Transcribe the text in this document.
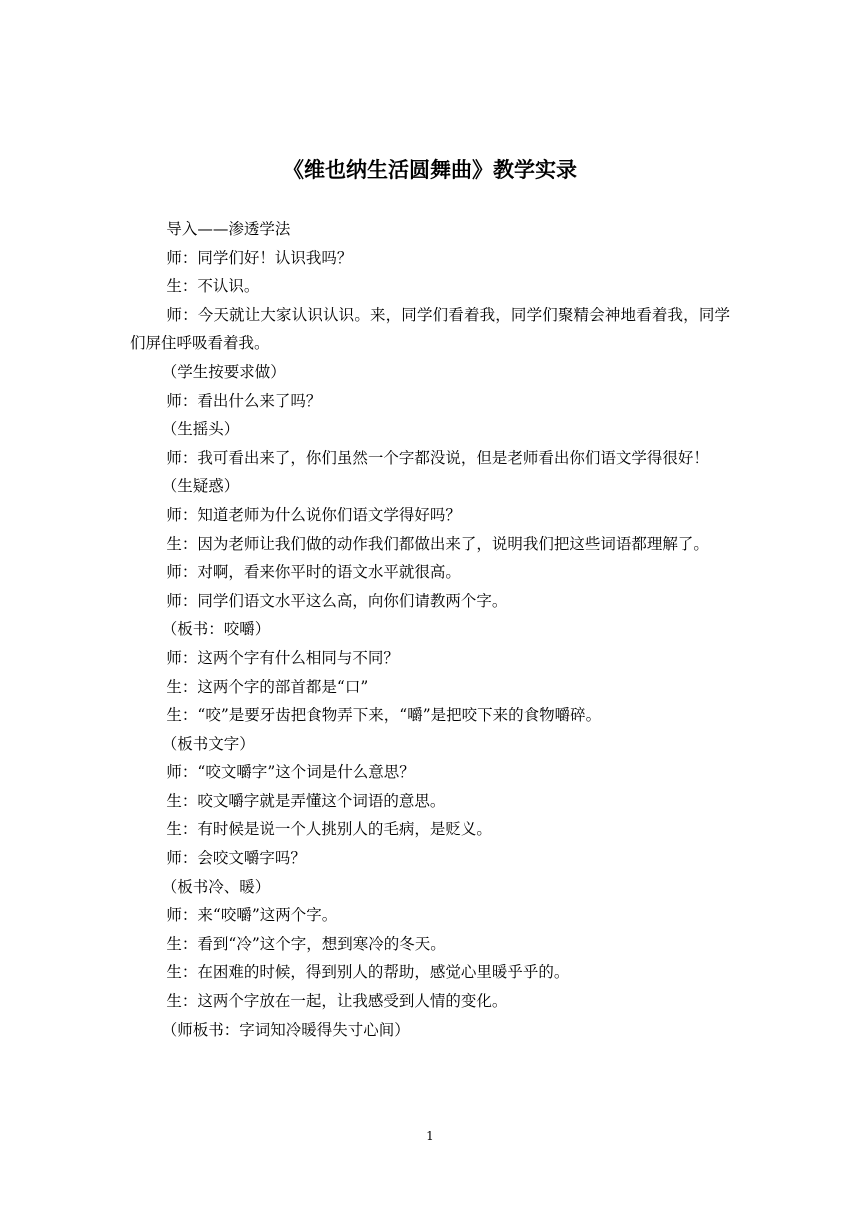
《维也纳生活圆舞曲》教学实录

导入——渗透学法

师：同学们好！认识我吗？

生：不认识。

师：今天就让大家认识认识。来，同学们看着我，同学们聚精会神地看着我，同学们屏住呼吸看着我。

（学生按要求做）

师：看出什么来了吗？

（生摇头）

师：我可看出来了，你们虽然一个字都没说，但是老师看出你们语文学得很好！

（生疑惑）

师：知道老师为什么说你们语文学得好吗？

生：因为老师让我们做的动作我们都做出来了，说明我们把这些词语都理解了。

师：对啊，看来你平时的语文水平就很高。

师：同学们语文水平这么高，向你们请教两个字。

（板书：咬嚼）

师：这两个字有什么相同与不同？

生：这两个字的部首都是“口”

生：“咬”是要牙齿把食物弄下来，“嚼”是把咬下来的食物嚼碎。

（板书文字）

师：“咬文嚼字”这个词是什么意思？

生：咬文嚼字就是弄懂这个词语的意思。

生：有时候是说一个人挑别人的毛病，是贬义。

师：会咬文嚼字吗？

（板书冷、暖）

师：来“咬嚼”这两个字。

生：看到“冷”这个字，想到寒冷的冬天。

生：在困难的时候，得到别人的帮助，感觉心里暖乎乎的。

生：这两个字放在一起，让我感受到人情的变化。

（师板书：字词知冷暖得失寸心间）

1
